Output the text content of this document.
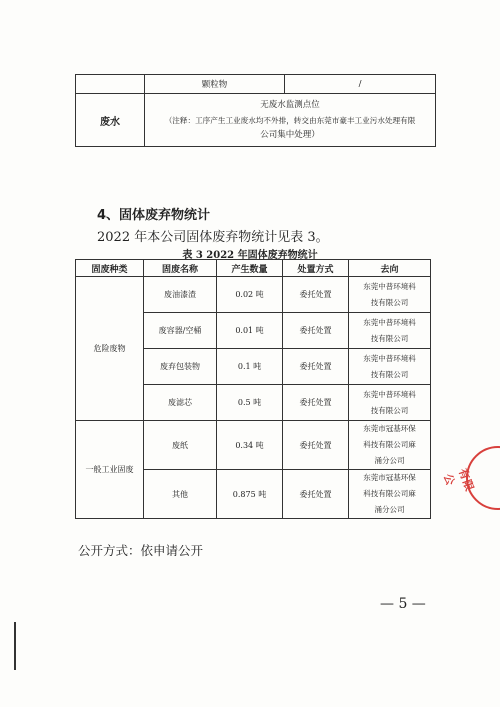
	颗粒物	/
废水	无废水监测点位
（注释：工序产生工业废水均不外排，转交由东莞市豪丰工业污水处理有限
公司集中处理）	
4、固体废弃物统计
2022 年本公司固体废弃物统计见表 3。
表 3 2022 年固体废弃物统计
固废种类	固废名称	产生数量	处置方式	去向
危险废物	废油漆渣	0.02 吨	委托处置	东莞中普环境科
技有限公司

	废容器/空桶	0.01 吨	委托处置	东莞中普环境科
技有限公司

	废弃包装物	0.1 吨	委托处置	东莞中普环境科
技有限公司

	废滤芯	0.5 吨	委托处置	东莞中普环境科
技有限公司

一般工业固废	废纸	0.34 吨	委托处置	东莞市冠基环保
科技有限公司麻
涌分公司

	其他	0.875 吨	委托处置	东莞市冠基环保
科技有限公司麻
涌分公司
公开方式：依申请公开
— 5 —
有限公
